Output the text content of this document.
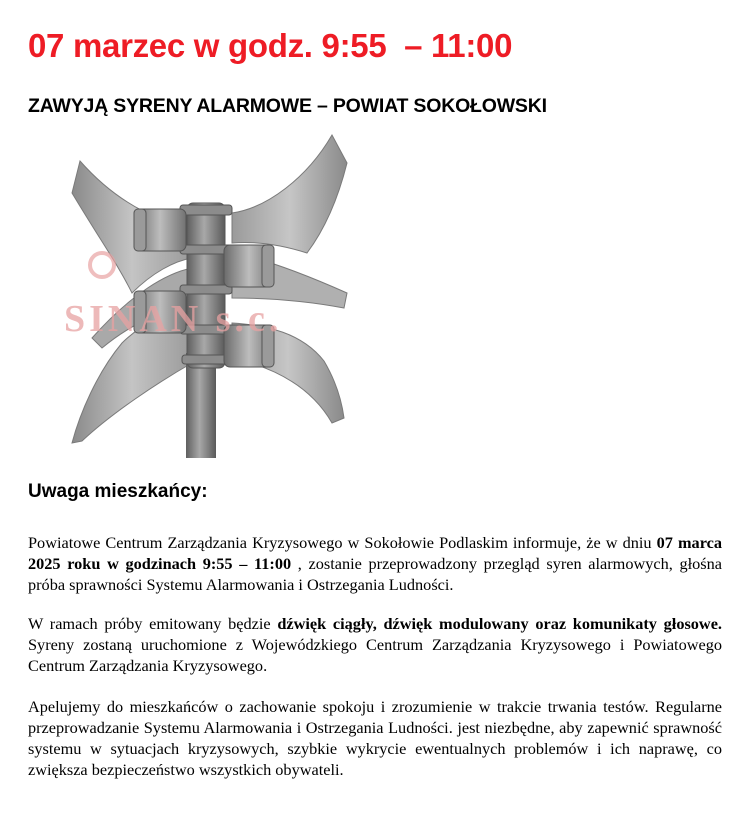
07 marzec w godz. 9:55  – 11:00
ZAWYJĄ SYRENY ALARMOWE – POWIAT SOKOŁOWSKI
SINAN s.c.
Uwaga mieszkańcy:

Powiatowe Centrum Zarządzania Kryzysowego w Sokołowie Podlaskim informuje, że w dniu 07 marca 2025 roku w godzinach 9:55 – 11:00 , zostanie przeprowadzony przegląd syren alarmowych, głośna próba sprawności Systemu Alarmowania i Ostrzegania Ludności.

W ramach próby emitowany będzie dźwięk ciągły, dźwięk modulowany oraz komunikaty głosowe. Syreny zostaną uruchomione z Wojewódzkiego Centrum Zarządzania Kryzysowego i Powiatowego Centrum Zarządzania Kryzysowego.

Apelujemy do mieszkańców o zachowanie spokoju i zrozumienie w trakcie trwania testów. Regularne przeprowadzanie Systemu Alarmowania i Ostrzegania Ludności. jest niezbędne, aby zapewnić sprawność systemu w sytuacjach kryzysowych, szybkie wykrycie ewentualnych problemów i ich naprawę, co zwiększa bezpieczeństwo wszystkich obywateli.
